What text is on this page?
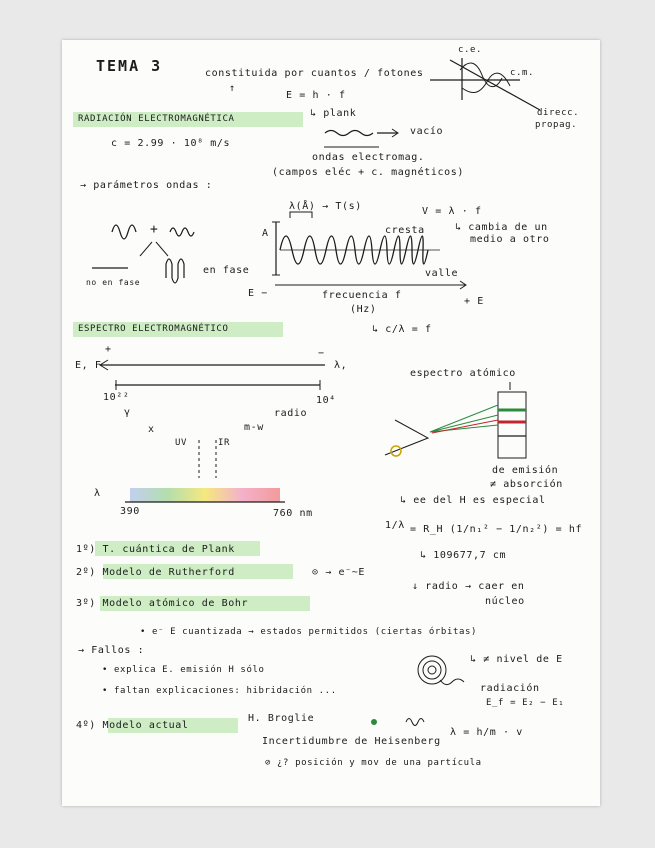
TEMA 3	constituida por cuantos / fotones
↑
E = h · f
↳ plank
vacío
ondas electromag.
(campos eléc + c. magnéticos)
c.e.
c.m.
direcc.
propag.
RADIACIÓN ELECTROMAGNÉTICA
c = 2.99 · 10⁸ m/s
→ parámetros ondas :
λ(Å) → T(s)	V = λ · f
cresta	↳ cambia de un
medio a otro
A
valle
E −	frecuencia f
(Hz)
+ E
↳ c/λ = f
+
no en fase
en fase
ESPECTRO ELECTROMAGNÉTICO
+	−
E, F	λ,
10²²	10⁴
γ
x	m-w
radio
UV	IR
λ
390	760 nm
espectro atómico
de emisión
≠ absorción
↳ ee del H es especial
1/λ = R_H (1/n₁² − 1/n₂²) = hf
↳ 109677,7 cm
1º) T. cuántica de Plank
2º) Modelo de Rutherford	⊙ → e⁻~E
↓ radio → caer en
núcleo
3º) Modelo atómico de Bohr
• e⁻ E cuantizada → estados permitidos (ciertas órbitas)
↳ ≠ nivel de E
→ Fallos :
• explica E. emisión H sólo
• faltan explicaciones: hibridación ...	radiación
E_f = E₂ − E₁
4º) Modelo actual
H. Broglie
λ = h/m · v
Incertidumbre de Heisenberg
⊘ ¿? posición y mov de una partícula
